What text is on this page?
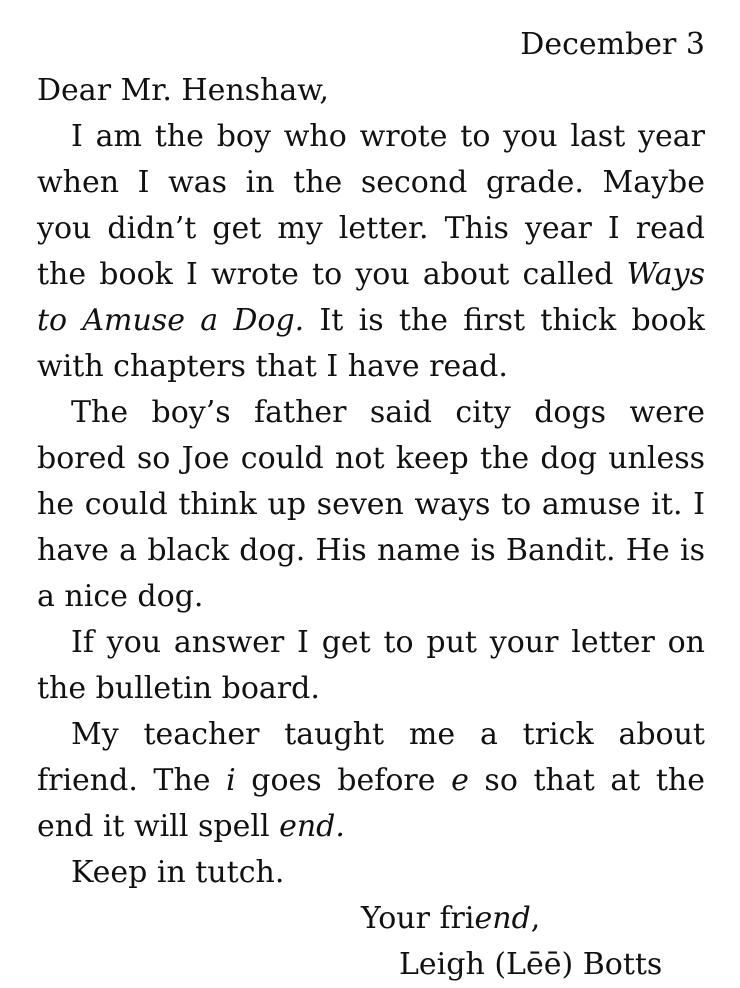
December 3

Dear Mr. Henshaw,

I am the boy who wrote to you last year when I was in the second grade. Maybe you didn’t get my letter. This year I read the book I wrote to you about called Ways to Amuse a Dog. It is the first thick book with chapters that I have read.

The boy’s father said city dogs were bored so Joe could not keep the dog unless he could think up seven ways to amuse it. I have a black dog. His name is Bandit. He is a nice dog.

If you answer I get to put your letter on the bulletin board.

My teacher taught me a trick about friend. The i goes before e so that at the end it will spell end.

Keep in tutch.

Your friend,

Leigh (Lēē) Botts
